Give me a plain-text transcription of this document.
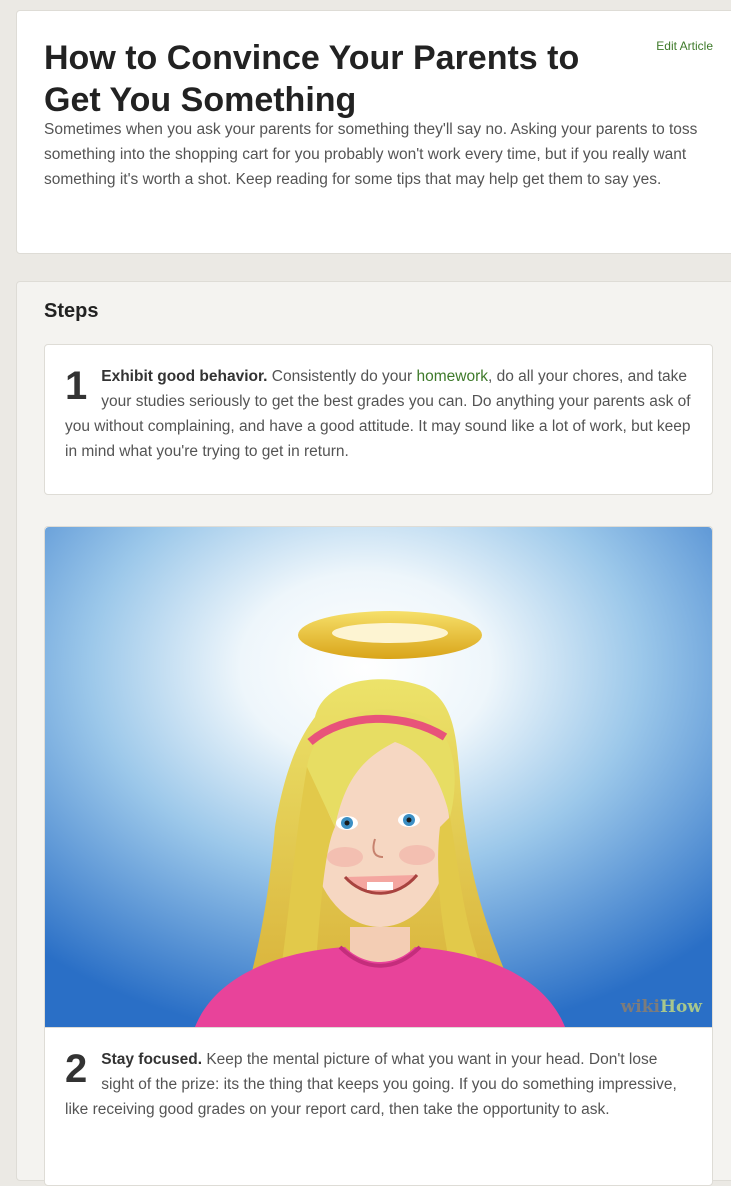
Edit Article
How to Convince Your Parents to Get You Something

Sometimes when you ask your parents for something they'll say no. Asking your parents to toss something into the shopping cart for you probably won't work every time, but if you really want something it's worth a shot. Keep reading for some tips that may help get them to say yes.

Steps
1 Exhibit good behavior. Consistently do your homework, do all your chores, and take your studies seriously to get the best grades you can. Do anything your parents ask of you without complaining, and have a good attitude. It may sound like a lot of work, but keep in mind what you're trying to get in return.
wikiHow
2 Stay focused. Keep the mental picture of what you want in your head. Don't lose sight of the prize: its the thing that keeps you going. If you do something impressive, like receiving good grades on your report card, then take the opportunity to ask.
